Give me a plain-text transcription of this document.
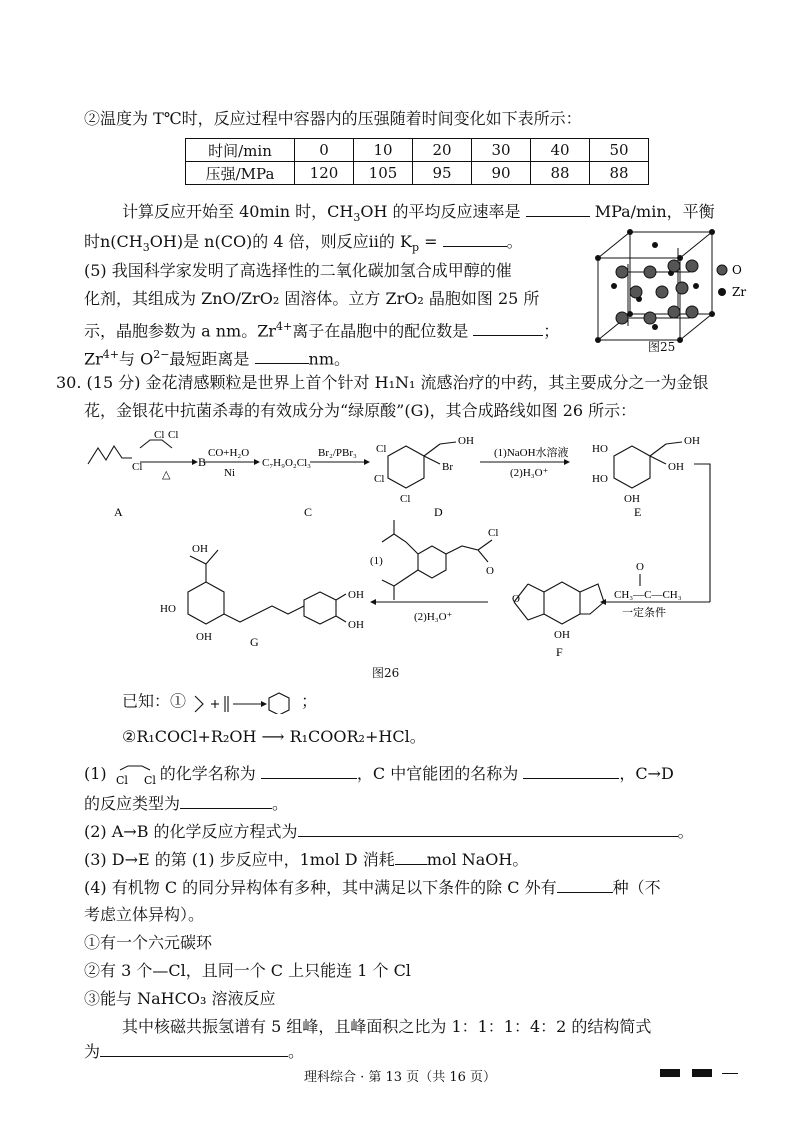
②温度为 T℃时，反应过程中容器内的压强随着时间变化如下表所示：
时间/min	0	10	20	30	40	50
压强/MPa	120	105	95	90	88	88
计算反应开始至 40min 时，$CH_3OH$ 的平均反应速率是	MPa/min，平衡
时$n(CH_3OH)$是 n(CO)的 4 倍，则反应ⅱ的 $K_p$ =	。
(5) 我国科学家发明了高选择性的二氧化碳加氢合成甲醇的催
化剂，其组成为 ZnO/ZrO₂ 固溶体。立方 ZrO₂ 晶胞如图 25 所
示，晶胞参数为 a nm。$Zr^{4+}$离子在晶胞中的配位数是	；
$Zr^{4+}$与 $O^{2-}$最短距离是	nm。
O
Zr
图25
30. (15 分) 金花清感颗粒是世界上首个针对 H₁N₁ 流感治疗的中药，其主要成分之一为金银
花，金银花中抗菌杀毒的有效成分为“绿原酸”(G)，其合成路线如图 26 所示：
Cl
Cl Cl
△
B
CO+H₂O
Ni
C₇H₉O₂Cl₃
Br₂/PBr₃ Cl
Cl
Cl
OH
Br
(1)NaOH水溶液
(2)H₃O⁺
HO
HO
OH
OH
OH
A	C	D	E
O
CH₃—C—CH₃
一定条件
O
OH
F
(1)
(2)H₃O⁺
Cl
O
OH
HO
OH
OH
OH
G
图26
已知：①	；
②R₁COCl+R₂OH ⟶ R₁COOR₂+HCl。
(1) Cl Cl 的化学名称为	，C 中官能团的名称为	，C→D
的反应类型为	。
(2) A→B 的化学反应方程式为	。
(3) D→E 的第 (1) 步反应中，1mol D 消耗 mol NaOH。
(4) 有机物 C 的同分异构体有多种，其中满足以下条件的除 C 外有	种（不
考虑立体异构）。
①有一个六元碳环
②有 3 个—Cl，且同一个 C 上只能连 1 个 Cl
③能与 NaHCO₃ 溶液反应
其中核磁共振氢谱有 5 组峰，且峰面积之比为 1：1：1：4：2 的结构简式
为	。
理科综合 · 第 13 页（共 16 页）
